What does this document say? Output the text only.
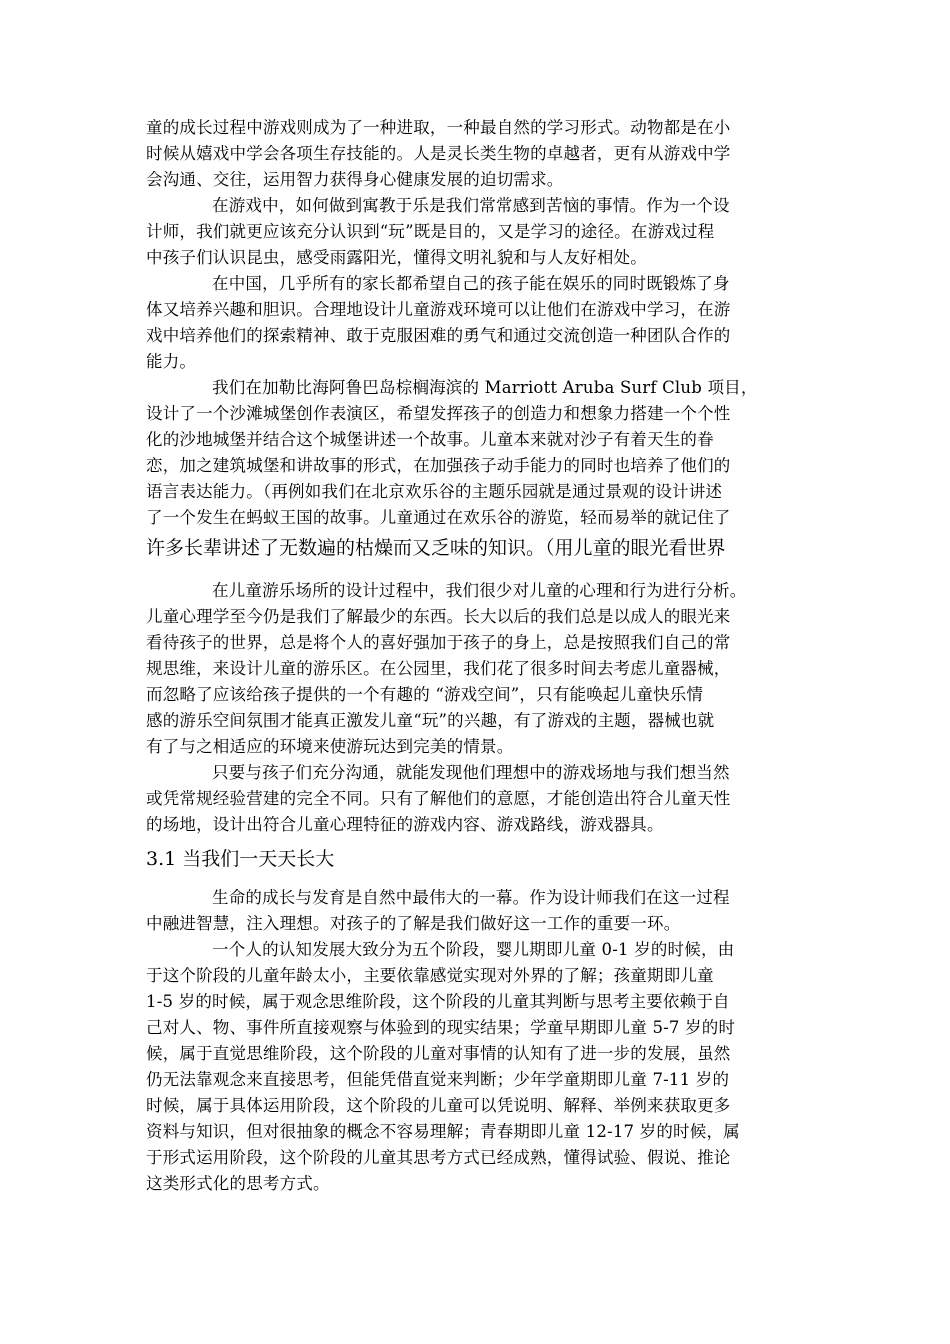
童的成长过程中游戏则成为了一种进取，一种最自然的学习形式。动物都是在小
时候从嬉戏中学会各项生存技能的。人是灵长类生物的卓越者，更有从游戏中学
会沟通、交往，运用智力获得身心健康发展的迫切需求。
在游戏中，如何做到寓教于乐是我们常常感到苦恼的事情。作为一个设
计师，我们就更应该充分认识到“玩”既是目的，又是学习的途径。在游戏过程
中孩子们认识昆虫，感受雨露阳光，懂得文明礼貌和与人友好相处。
在中国，几乎所有的家长都希望自己的孩子能在娱乐的同时既锻炼了身
体又培养兴趣和胆识。合理地设计儿童游戏环境可以让他们在游戏中学习，在游
戏中培养他们的探索精神、敢于克服困难的勇气和通过交流创造一种团队合作的
能力。
我们在加勒比海阿鲁巴岛棕榈海滨的 Marriott Aruba Surf Club 项目，
设计了一个沙滩城堡创作表演区，希望发挥孩子的创造力和想象力搭建一个个性
化的沙地城堡并结合这个城堡讲述一个故事。儿童本来就对沙子有着天生的眷
恋，加之建筑城堡和讲故事的形式，在加强孩子动手能力的同时也培养了他们的
语言表达能力。（再例如我们在北京欢乐谷的主题乐园就是通过景观的设计讲述
了一个发生在蚂蚁王国的故事。儿童通过在欢乐谷的游览，轻而易举的就记住了
许多长辈讲述了无数遍的枯燥而又乏味的知识。（用儿童的眼光看世界
在儿童游乐场所的设计过程中，我们很少对儿童的心理和行为进行分析。
儿童心理学至今仍是我们了解最少的东西。长大以后的我们总是以成人的眼光来
看待孩子的世界，总是将个人的喜好强加于孩子的身上，总是按照我们自己的常
规思维，来设计儿童的游乐区。在公园里，我们花了很多时间去考虑儿童器械，
而忽略了应该给孩子提供的一个有趣的 “游戏空间”，只有能唤起儿童快乐情
感的游乐空间氛围才能真正激发儿童“玩”的兴趣，有了游戏的主题，器械也就
有了与之相适应的环境来使游玩达到完美的情景。
只要与孩子们充分沟通，就能发现他们理想中的游戏场地与我们想当然
或凭常规经验营建的完全不同。只有了解他们的意愿，才能创造出符合儿童天性
的场地，设计出符合儿童心理特征的游戏内容、游戏路线，游戏器具。
3.1 当我们一天天长大
生命的成长与发育是自然中最伟大的一幕。作为设计师我们在这一过程
中融进智慧，注入理想。对孩子的了解是我们做好这一工作的重要一环。
一个人的认知发展大致分为五个阶段，婴儿期即儿童 0-1 岁的时候，由
于这个阶段的儿童年龄太小，主要依靠感觉实现对外界的了解；孩童期即儿童
1-5 岁的时候，属于观念思维阶段，这个阶段的儿童其判断与思考主要依赖于自
己对人、物、事件所直接观察与体验到的现实结果；学童早期即儿童 5-7 岁的时
候，属于直觉思维阶段，这个阶段的儿童对事情的认知有了进一步的发展，虽然
仍无法靠观念来直接思考，但能凭借直觉来判断；少年学童期即儿童 7-11 岁的
时候，属于具体运用阶段，这个阶段的儿童可以凭说明、解释、举例来获取更多
资料与知识，但对很抽象的概念不容易理解；青春期即儿童 12-17 岁的时候，属
于形式运用阶段，这个阶段的儿童其思考方式已经成熟，懂得试验、假说、推论
这类形式化的思考方式。
